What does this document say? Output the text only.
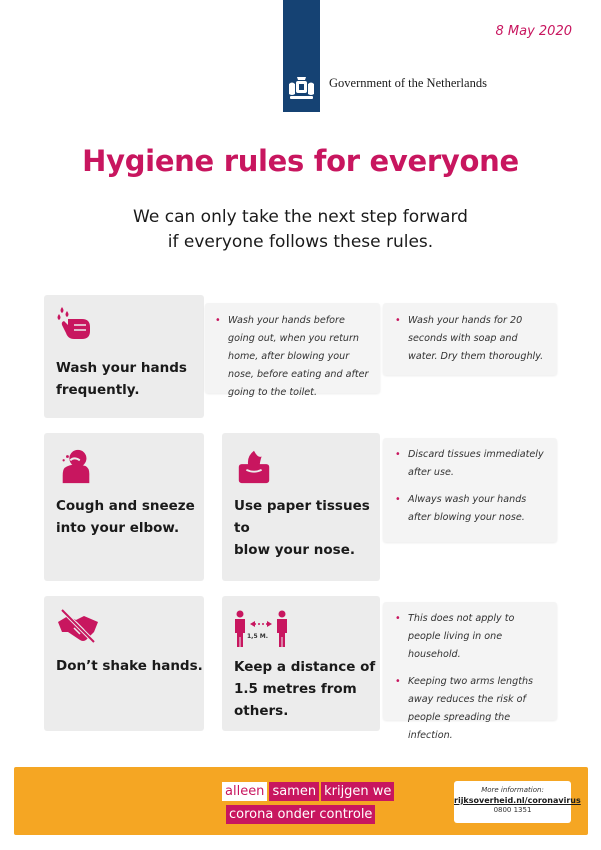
8 May 2020
Government of the Netherlands
Hygiene rules for everyone
We can only take the next step forward
if everyone follows these rules.
Wash your hands
frequently.
• Wash your hands before going out, when you return home, after blowing your nose, before eating and after going to the toilet.
• Wash your hands for 20 seconds with soap and water. Dry them thoroughly.
Cough and sneeze
into your elbow.
Use paper tissues to
blow your nose.
• Discard tissues immediately after use.
• Always wash your hands after blowing your nose.
Don’t shake hands.
1,5 M.
Keep a distance of
1.5 metres from
others.
• This does not apply to people living in one household.
• Keeping two arms lengths away reduces the risk of people spreading the infection.
alleen samen krijgen we
corona onder controle
More information:
rijksoverheid.nl/coronavirus
0800 1351
